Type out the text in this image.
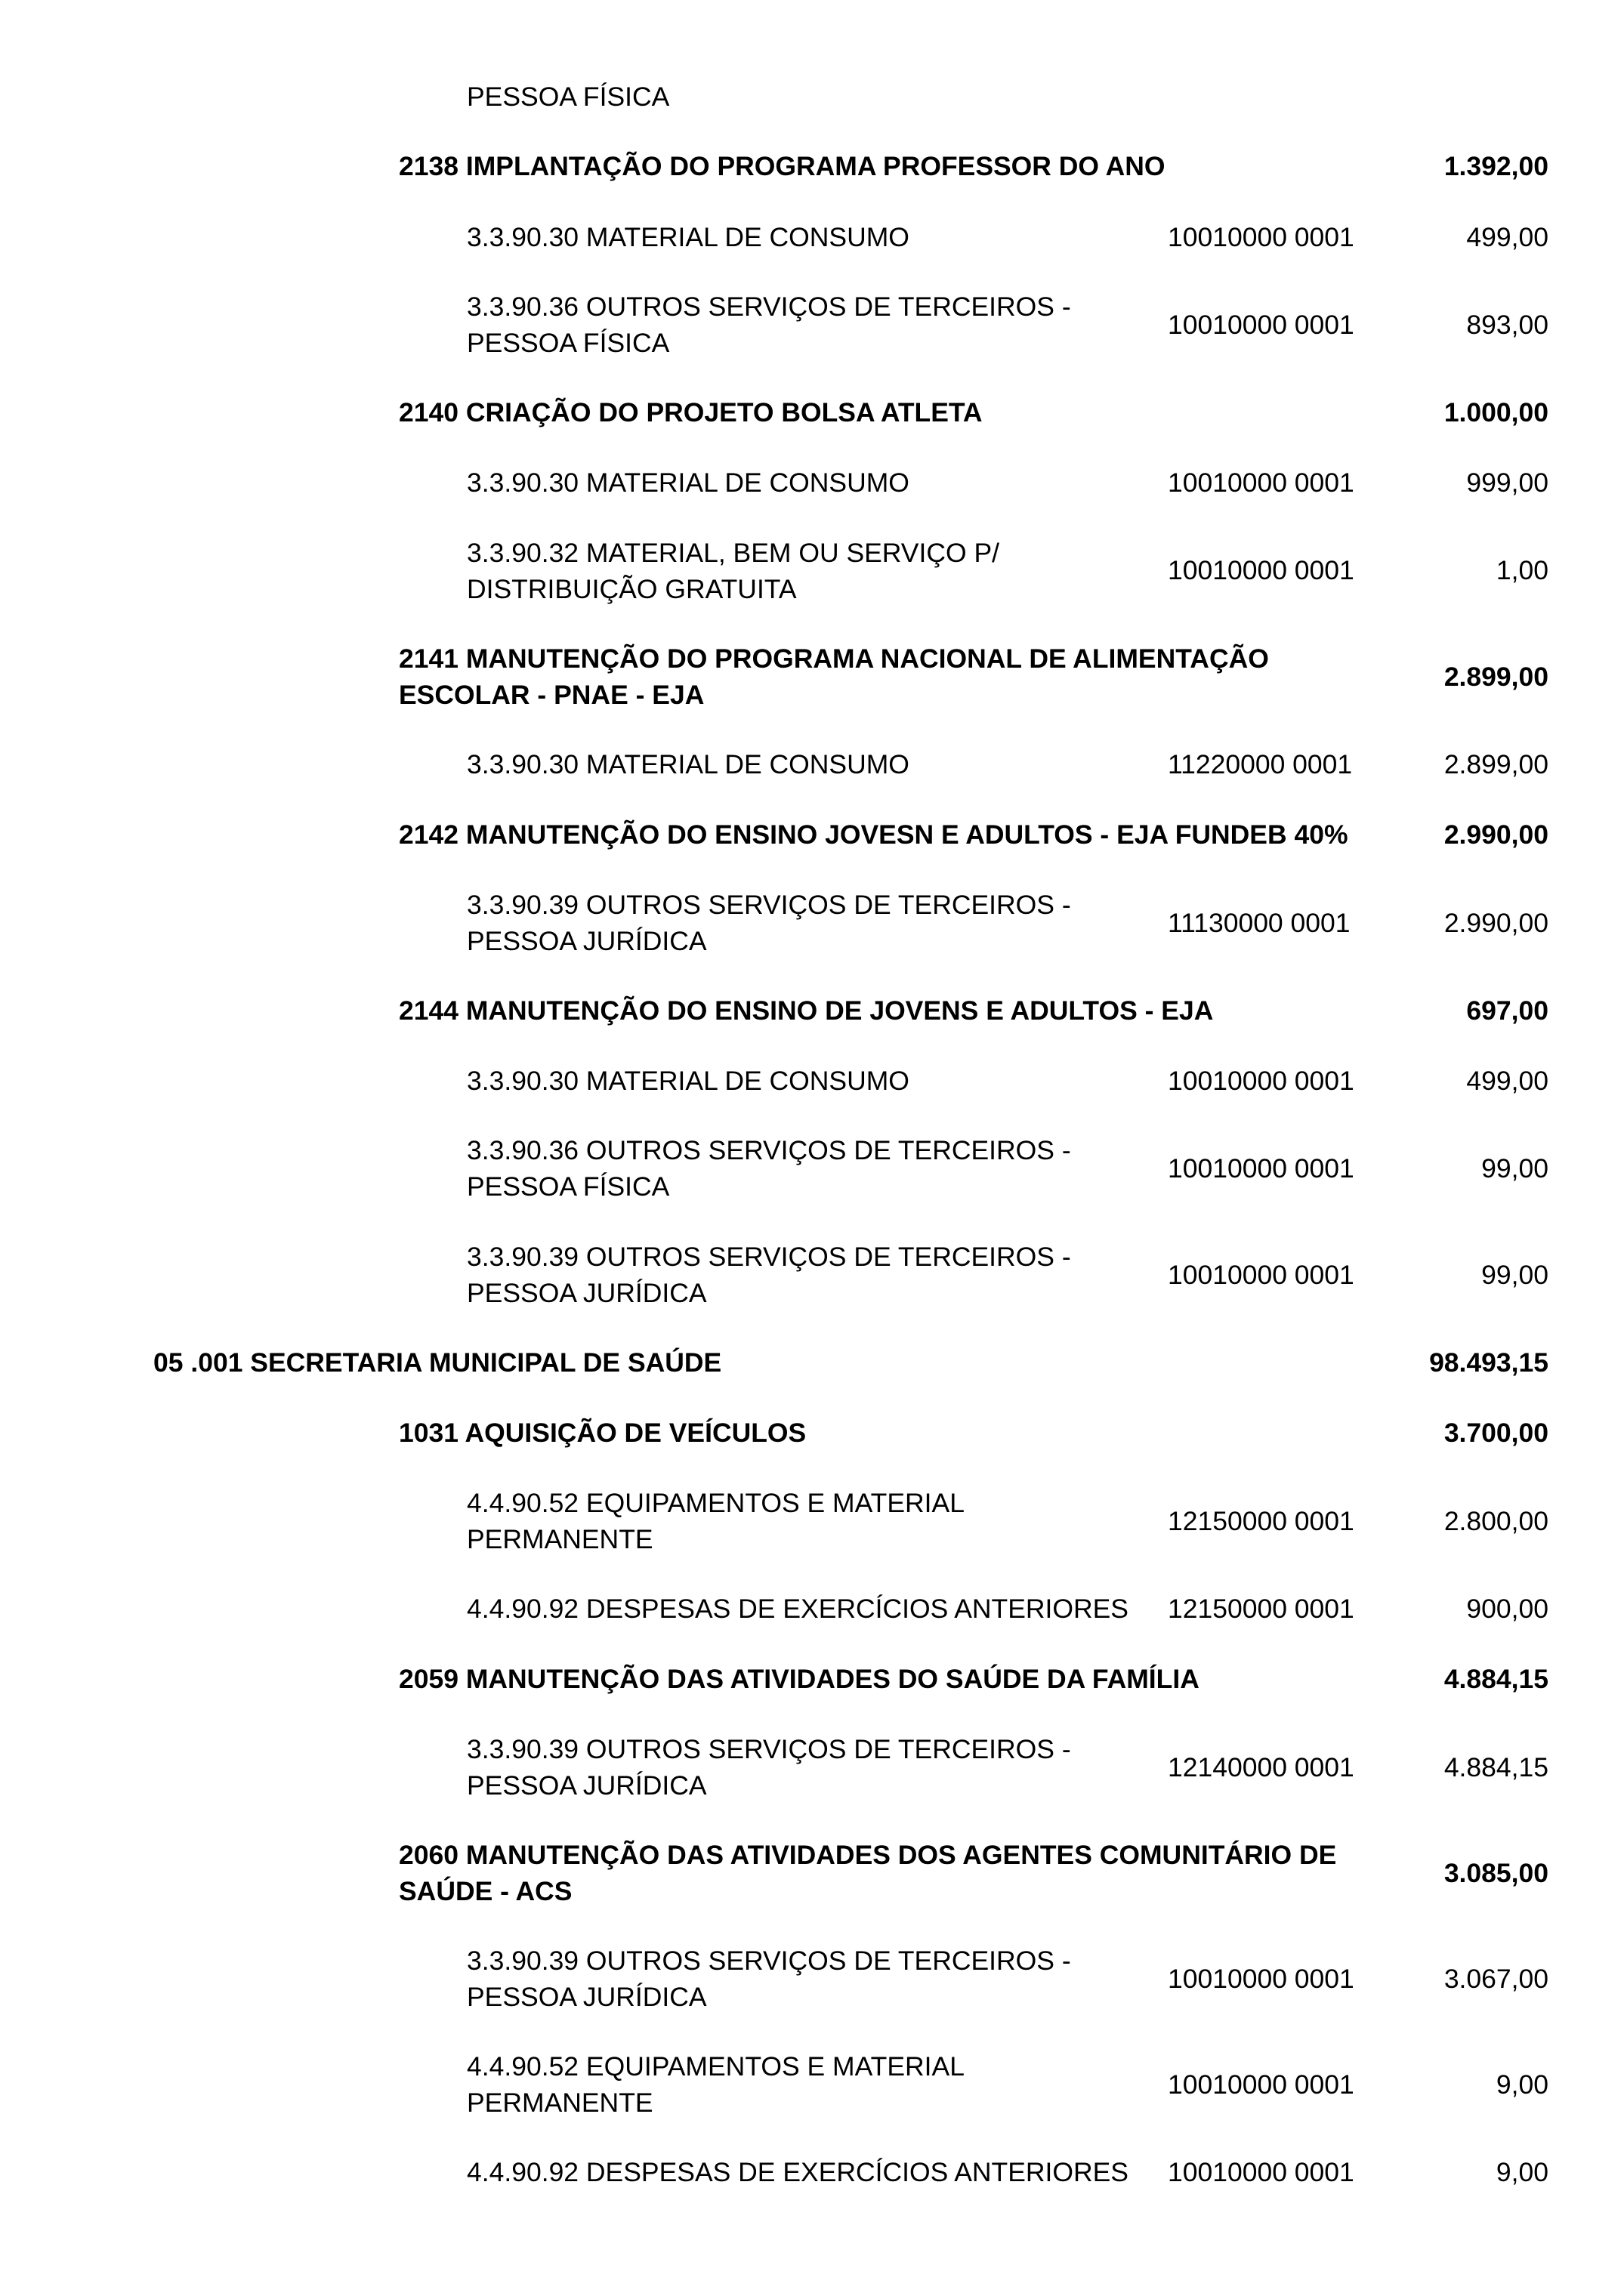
PESSOA FÍSICA
2138 IMPLANTAÇÃO DO PROGRAMA PROFESSOR DO ANO	1.392,00
3.3.90.30 MATERIAL DE CONSUMO	10010000 0001	499,00
3.3.90.36 OUTROS SERVIÇOS DE TERCEIROS -
PESSOA FÍSICA
10010000 0001	893,00
2140 CRIAÇÃO DO PROJETO BOLSA ATLETA	1.000,00
3.3.90.30 MATERIAL DE CONSUMO	10010000 0001	999,00
3.3.90.32 MATERIAL, BEM OU SERVIÇO P/
DISTRIBUIÇÃO GRATUITA
10010000 0001	1,00
2141 MANUTENÇÃO DO PROGRAMA NACIONAL DE ALIMENTAÇÃO
ESCOLAR - PNAE - EJA
2.899,00
3.3.90.30 MATERIAL DE CONSUMO	11220000 0001	2.899,00
2142 MANUTENÇÃO DO ENSINO JOVESN E ADULTOS - EJA FUNDEB 40%	2.990,00
3.3.90.39 OUTROS SERVIÇOS DE TERCEIROS -
PESSOA JURÍDICA
11130000 0001	2.990,00
2144 MANUTENÇÃO DO ENSINO DE JOVENS E ADULTOS - EJA	697,00
3.3.90.30 MATERIAL DE CONSUMO	10010000 0001	499,00
3.3.90.36 OUTROS SERVIÇOS DE TERCEIROS -
PESSOA FÍSICA
10010000 0001	99,00
3.3.90.39 OUTROS SERVIÇOS DE TERCEIROS -
PESSOA JURÍDICA
10010000 0001	99,00
05 .001 SECRETARIA MUNICIPAL DE SAÚDE	98.493,15
1031 AQUISIÇÃO DE VEÍCULOS	3.700,00
4.4.90.52 EQUIPAMENTOS E MATERIAL
PERMANENTE
12150000 0001	2.800,00
4.4.90.92 DESPESAS DE EXERCÍCIOS ANTERIORES 12150000 0001	900,00
2059 MANUTENÇÃO DAS ATIVIDADES DO SAÚDE DA FAMÍLIA	4.884,15
3.3.90.39 OUTROS SERVIÇOS DE TERCEIROS -
PESSOA JURÍDICA
12140000 0001	4.884,15
2060 MANUTENÇÃO DAS ATIVIDADES DOS AGENTES COMUNITÁRIO DE
SAÚDE - ACS
3.085,00
3.3.90.39 OUTROS SERVIÇOS DE TERCEIROS -
PESSOA JURÍDICA
10010000 0001	3.067,00
4.4.90.52 EQUIPAMENTOS E MATERIAL
PERMANENTE
10010000 0001	9,00
4.4.90.92 DESPESAS DE EXERCÍCIOS ANTERIORES 10010000 0001	9,00
